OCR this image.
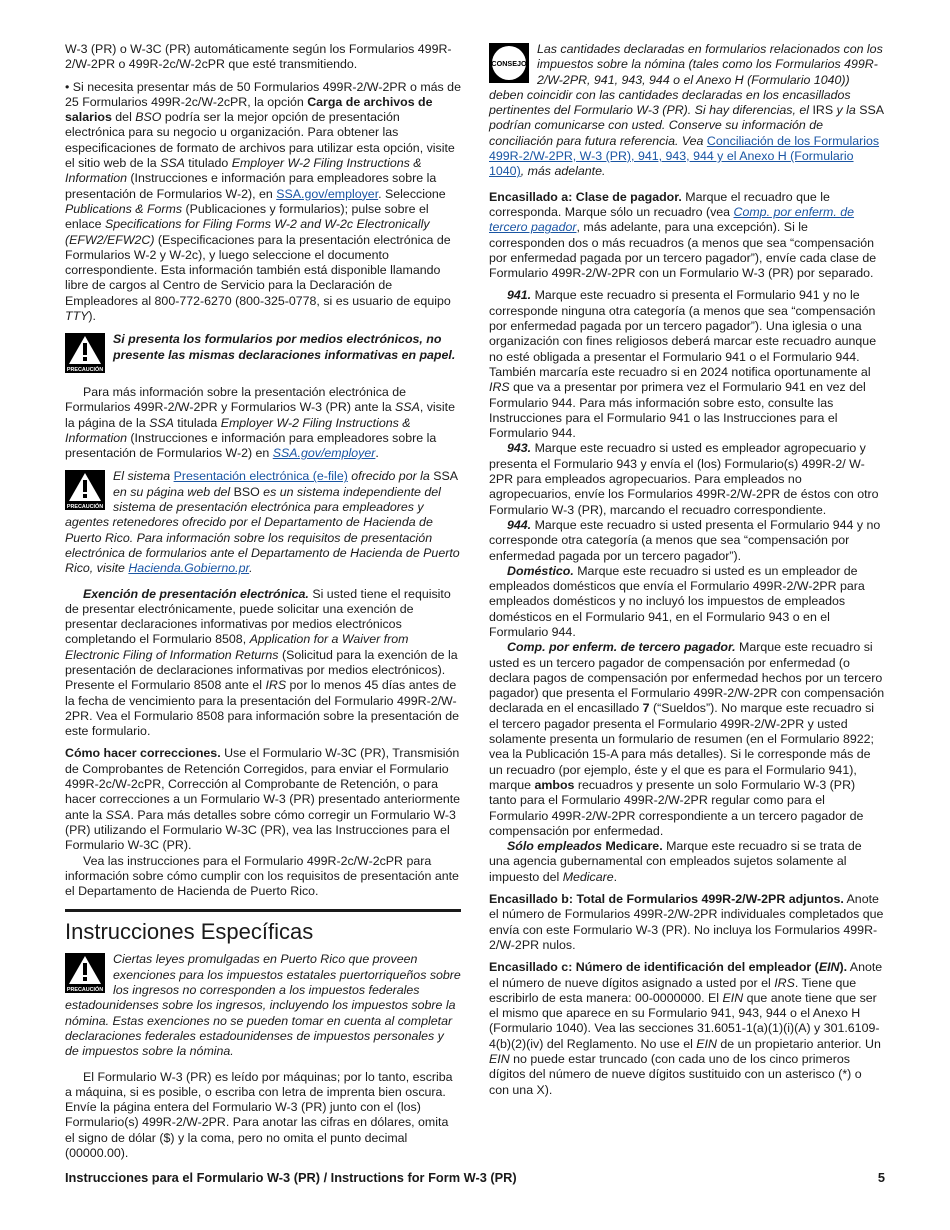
W-3 (PR) o W-3C (PR) automáticamente según los Formularios 499R-2/W-2PR o 499R-2c/W-2cPR que esté transmitiendo.

• Si necesita presentar más de 50 Formularios 499R-2/W-2PR o más de 25 Formularios 499R-2c/W-2cPR, la opción Carga de archivos de salarios del BSO podría ser la mejor opción de presentación electrónica para su negocio u organización. Para obtener las especificaciones de formato de archivos para utilizar esta opción, visite el sitio web de la SSA titulado Employer W-2 Filing Instructions & Information (Instrucciones e información para empleadores sobre la presentación de Formularios W-2), en SSA.gov/employer. Seleccione Publications & Forms (Publicaciones y formularios); pulse sobre el enlace Specifications for Filing Forms W-2 and W-2c Electronically (EFW2/EFW2C) (Especificaciones para la presentación electrónica de Formularios W-2 y W-2c), y luego seleccione el documento correspondiente. Esta información también está disponible llamando libre de cargos al Centro de Servicio para la Declaración de Empleadores al 800-772-6270 (800-325-0778, si es usuario de equipo TTY).

PRECAUCIÓN
Si presenta los formularios por medios electrónicos, no presente las mismas declaraciones informativas en papel.

Para más información sobre la presentación electrónica de Formularios 499R-2/W-2PR y Formularios W-3 (PR) ante la SSA, visite la página de la SSA titulada Employer W-2 Filing Instructions & Information (Instrucciones e información para empleadores sobre la presentación de Formularios W-2) en SSA.gov/employer.

PRECAUCIÓN
El sistema Presentación electrónica (e-file) ofrecido por la SSA en su página web del BSO es un sistema independiente del sistema de presentación electrónica para empleadores y agentes retenedores ofrecido por el Departamento de Hacienda de Puerto Rico. Para información sobre los requisitos de presentación electrónica de formularios ante el Departamento de Hacienda de Puerto Rico, visite Hacienda.Gobierno.pr.

Exención de presentación electrónica. Si usted tiene el requisito de presentar electrónicamente, puede solicitar una exención de presentar declaraciones informativas por medios electrónicos completando el Formulario 8508, Application for a Waiver from Electronic Filing of Information Returns (Solicitud para la exención de la presentación de declaraciones informativas por medios electrónicos). Presente el Formulario 8508 ante el IRS por lo menos 45 días antes de la fecha de vencimiento para la presentación del Formulario 499R-2/W-2PR. Vea el Formulario 8508 para información sobre la presentación de este formulario.

Cómo hacer correcciones. Use el Formulario W-3C (PR), Transmisión de Comprobantes de Retención Corregidos, para enviar el Formulario 499R-2c/W-2cPR, Corrección al Comprobante de Retención, o para hacer correcciones a un Formulario W-3 (PR) presentado anteriormente ante la SSA. Para más detalles sobre cómo corregir un Formulario W-3 (PR) utilizando el Formulario W-3C (PR), vea las Instrucciones para el Formulario W-3C (PR).

Vea las instrucciones para el Formulario 499R-2c/W-2cPR para información sobre cómo cumplir con los requisitos de presentación ante el Departamento de Hacienda de Puerto Rico.

Instrucciones Específicas
PRECAUCIÓN
Ciertas leyes promulgadas en Puerto Rico que proveen exenciones para los impuestos estatales puertorriqueños sobre los ingresos no corresponden a los impuestos federales estadounidenses sobre los ingresos, incluyendo los impuestos sobre la nómina. Estas exenciones no se pueden tomar en cuenta al completar declaraciones federales estadounidenses de impuestos personales y de impuestos sobre la nómina.

El Formulario W-3 (PR) es leído por máquinas; por lo tanto, escriba a máquina, si es posible, o escriba con letra de imprenta bien oscura. Envíe la página entera del Formulario W-3 (PR) junto con el (los) Formulario(s) 499R-2/W-2PR. Para anotar las cifras en dólares, omita el signo de dólar ($) y la coma, pero no omita el punto decimal (00000.00).

CONSEJO
Las cantidades declaradas en formularios relacionados con los impuestos sobre la nómina (tales como los Formularios 499R-2/W-2PR, 941, 943, 944 o el Anexo H (Formulario 1040)) deben coincidir con las cantidades declaradas en los encasillados pertinentes del Formulario W-3 (PR). Si hay diferencias, el IRS y la SSA podrían comunicarse con usted. Conserve su información de conciliación para futura referencia. Vea Conciliación de los Formularios 499R-2/W-2PR, W-3 (PR), 941, 943, 944 y el Anexo H (Formulario 1040), más adelante.

Encasillado a: Clase de pagador. Marque el recuadro que le corresponda. Marque sólo un recuadro (vea Comp. por enferm. de tercero pagador, más adelante, para una excepción). Si le corresponden dos o más recuadros (a menos que sea “compensación por enfermedad pagada por un tercero pagador”), envíe cada clase de Formulario 499R-2/W-2PR con un Formulario W-3 (PR) por separado.

941. Marque este recuadro si presenta el Formulario 941 y no le corresponde ninguna otra categoría (a menos que sea “compensación por enfermedad pagada por un tercero pagador”). Una iglesia o una organización con fines religiosos deberá marcar este recuadro aunque no esté obligada a presentar el Formulario 941 o el Formulario 944. También marcaría este recuadro si en 2024 notifica oportunamente al IRS que va a presentar por primera vez el Formulario 941 en vez del Formulario 944. Para más información sobre esto, consulte las Instrucciones para el Formulario 941 o las Instrucciones para el Formulario 944.

943. Marque este recuadro si usted es empleador agropecuario y presenta el Formulario 943 y envía el (los) Formulario(s) 499R-2/ W-2PR para empleados agropecuarios. Para empleados no agropecuarios, envíe los Formularios 499R-2/W-2PR de éstos con otro Formulario W-3 (PR), marcando el recuadro correspondiente.

944. Marque este recuadro si usted presenta el Formulario 944 y no corresponde otra categoría (a menos que sea “compensación por enfermedad pagada por un tercero pagador”).

Doméstico. Marque este recuadro si usted es un empleador de empleados domésticos que envía el Formulario 499R-2/W-2PR para empleados domésticos y no incluyó los impuestos de empleados domésticos en el Formulario 941, en el Formulario 943 o en el Formulario 944.

Comp. por enferm. de tercero pagador. Marque este recuadro si usted es un tercero pagador de compensación por enfermedad (o declara pagos de compensación por enfermedad hechos por un tercero pagador) que presenta el Formulario 499R-2/W-2PR con compensación declarada en el encasillado 7 (“Sueldos”). No marque este recuadro si el tercero pagador presenta el Formulario 499R-2/W-2PR y usted solamente presenta un formulario de resumen (en el Formulario 8922; vea la Publicación 15-A para más detalles). Si le corresponde más de un recuadro (por ejemplo, éste y el que es para el Formulario 941), marque ambos recuadros y presente un solo Formulario W-3 (PR) tanto para el Formulario 499R-2/W-2PR regular como para el Formulario 499R-2/W-2PR correspondiente a un tercero pagador de compensación por enfermedad.

Sólo empleados Medicare. Marque este recuadro si se trata de una agencia gubernamental con empleados sujetos solamente al impuesto del Medicare.

Encasillado b: Total de Formularios 499R-2/W-2PR adjuntos. Anote el número de Formularios 499R-2/W-2PR individuales completados que envía con este Formulario W-3 (PR). No incluya los Formularios 499R-2/W-2PR nulos.

Encasillado c: Número de identificación del empleador (EIN). Anote el número de nueve dígitos asignado a usted por el IRS. Tiene que escribirlo de esta manera: 00-0000000. El EIN que anote tiene que ser el mismo que aparece en su Formulario 941, 943, 944 o el Anexo H (Formulario 1040). Vea las secciones 31.6051-1(a)(1)(i)(A) y 301.6109-4(b)(2)(iv) del Reglamento. No use el EIN de un propietario anterior. Un EIN no puede estar truncado (con cada uno de los cinco primeros dígitos del número de nueve dígitos sustituido con un asterisco (*) o con una X).

Instrucciones para el Formulario W-3 (PR) / Instructions for Form W-3 (PR)	5
